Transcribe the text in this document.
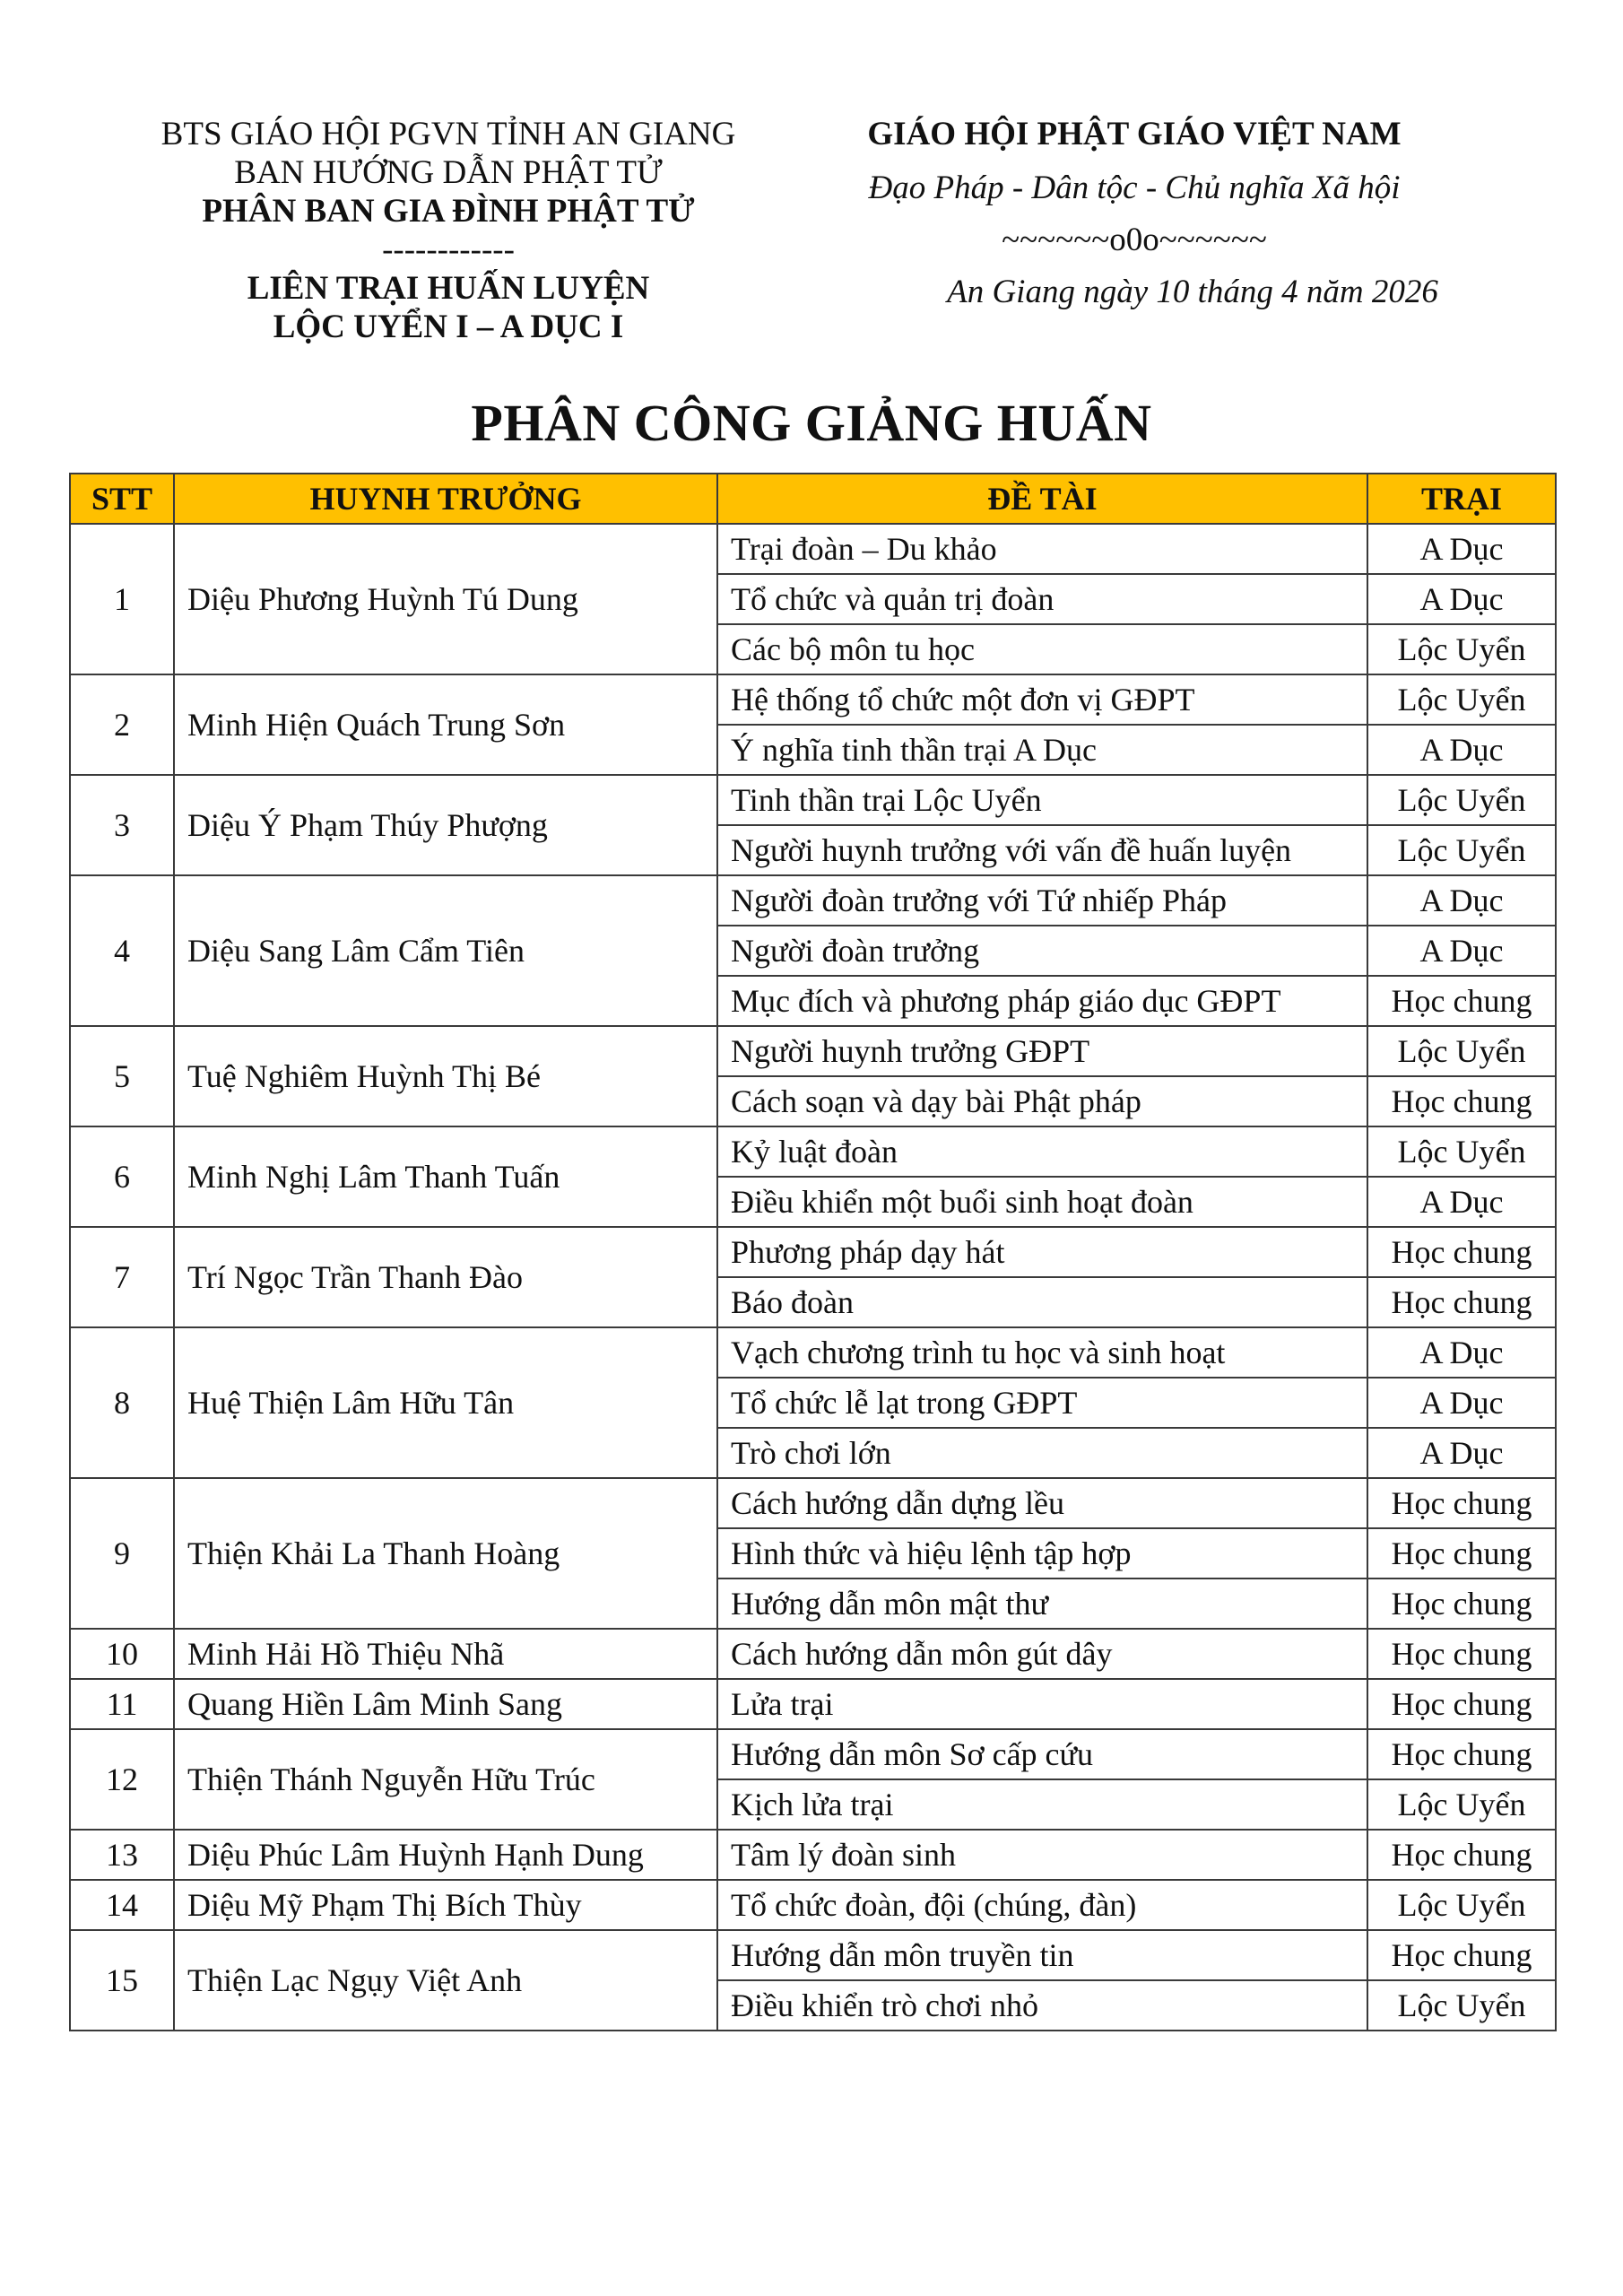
BTS GIÁO HỘI PGVN TỈNH AN GIANG
BAN HƯỚNG DẪN PHẬT TỬ
PHÂN BAN GIA ĐÌNH PHẬT TỬ
------------
LIÊN TRẠI HUẤN LUYỆN
LỘC UYỂN I – A DỤC I
GIÁO HỘI PHẬT GIÁO VIỆT NAM
Đạo Pháp - Dân tộc - Chủ nghĩa Xã hội
~~~~~~o0o~~~~~~
An Giang ngày 10 tháng 4 năm 2026
PHÂN CÔNG GIẢNG HUẤN
STT	HUYNH TRƯỞNG	ĐỀ TÀI	TRẠI
1	Diệu Phương Huỳnh Tú Dung	Trại đoàn – Du khảo	A Dục
		Tổ chức và quản trị đoàn	A Dục
		Các bộ môn tu học	Lộc Uyển
2	Minh Hiện Quách Trung Sơn	Hệ thống tổ chức một đơn vị GĐPT	Lộc Uyển
		Ý nghĩa tinh thần trại A Dục	A Dục
3	Diệu Ý Phạm Thúy Phượng	Tinh thần trại Lộc Uyển	Lộc Uyển
		Người huynh trưởng với vấn đề huấn luyện	Lộc Uyển
4	Diệu Sang Lâm Cẩm Tiên	Người đoàn trưởng với Tứ nhiếp Pháp	A Dục
		Người đoàn trưởng	A Dục
		Mục đích và phương pháp giáo dục GĐPT	Học chung
5	Tuệ Nghiêm Huỳnh Thị Bé	Người huynh trưởng GĐPT	Lộc Uyển
		Cách soạn và dạy bài Phật pháp	Học chung
6	Minh Nghị Lâm Thanh Tuấn	Kỷ luật đoàn	Lộc Uyển
		Điều khiển một buổi sinh hoạt đoàn	A Dục
7	Trí Ngọc Trần Thanh Đào	Phương pháp dạy hát	Học chung
		Báo đoàn	Học chung
8	Huệ Thiện Lâm Hữu Tân	Vạch chương trình tu học và sinh hoạt	A Dục
		Tổ chức lễ lạt trong GĐPT	A Dục
		Trò chơi lớn	A Dục
9	Thiện Khải La Thanh Hoàng	Cách hướng dẫn dựng lều	Học chung
		Hình thức và hiệu lệnh tập hợp	Học chung
		Hướng dẫn môn mật thư	Học chung
10	Minh Hải Hồ Thiệu Nhã	Cách hướng dẫn môn gút dây	Học chung
11	Quang Hiền Lâm Minh Sang	Lửa trại	Học chung
12	Thiện Thánh Nguyễn Hữu Trúc	Hướng dẫn môn Sơ cấp cứu	Học chung
		Kịch lửa trại	Lộc Uyển
13	Diệu Phúc Lâm Huỳnh Hạnh Dung	Tâm lý đoàn sinh	Học chung
14	Diệu Mỹ Phạm Thị Bích Thùy	Tổ chức đoàn, đội (chúng, đàn)	Lộc Uyển
15	Thiện Lạc Ngụy Việt Anh	Hướng dẫn môn truyền tin	Học chung
		Điều khiển trò chơi nhỏ	Lộc Uyển
